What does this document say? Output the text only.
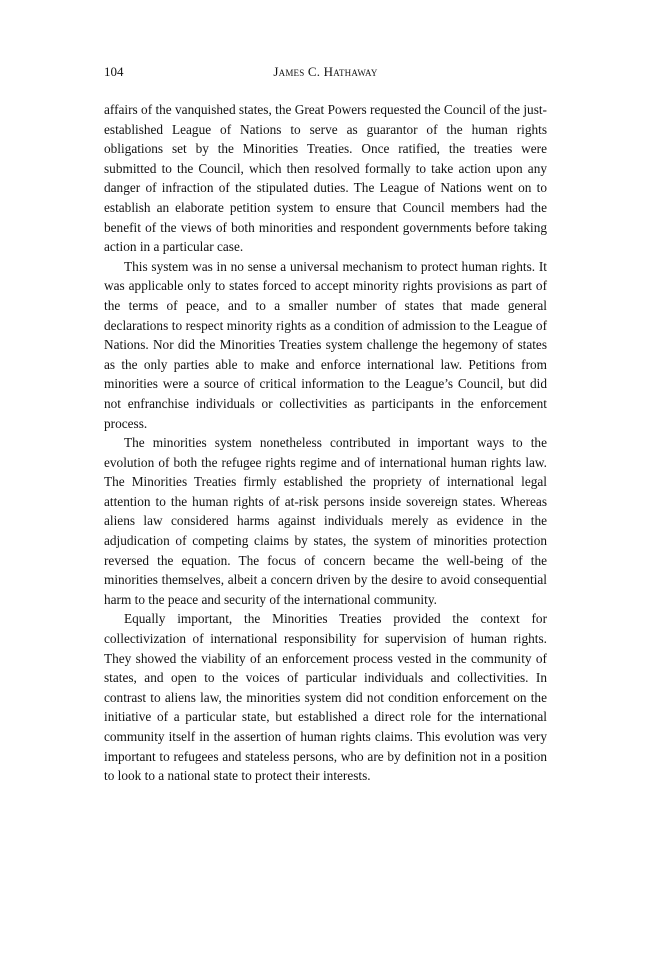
104	James C. Hathaway

affairs of the vanquished states, the Great Powers requested the Council of the just-established League of Nations to serve as guarantor of the human rights obligations set by the Minorities Treaties. Once ratified, the treaties were submitted to the Council, which then resolved formally to take action upon any danger of infraction of the stipulated duties. The League of Nations went on to establish an elaborate petition system to ensure that Council members had the benefit of the views of both minorities and respondent governments before taking action in a particular case.

This system was in no sense a universal mechanism to protect human rights. It was applicable only to states forced to accept minority rights provisions as part of the terms of peace, and to a smaller number of states that made general declarations to respect minority rights as a condition of admission to the League of Nations. Nor did the Minorities Treaties system challenge the hegemony of states as the only parties able to make and enforce international law. Petitions from minorities were a source of critical information to the League’s Council, but did not enfranchise individuals or collectivities as participants in the enforcement process.

The minorities system nonetheless contributed in important ways to the evolution of both the refugee rights regime and of international human rights law. The Minorities Treaties firmly established the propriety of international legal attention to the human rights of at-risk persons inside sovereign states. Whereas aliens law considered harms against individuals merely as evidence in the adjudication of competing claims by states, the system of minorities protection reversed the equation. The focus of concern became the well-being of the minorities themselves, albeit a concern driven by the desire to avoid consequential harm to the peace and security of the international community.

Equally important, the Minorities Treaties provided the context for collectivization of international responsibility for supervision of human rights. They showed the viability of an enforcement process vested in the community of states, and open to the voices of particular individuals and collectivities. In contrast to aliens law, the minorities system did not condition enforcement on the initiative of a particular state, but established a direct role for the international community itself in the assertion of human rights claims. This evolution was very important to refugees and stateless persons, who are by definition not in a position to look to a national state to protect their interests.
